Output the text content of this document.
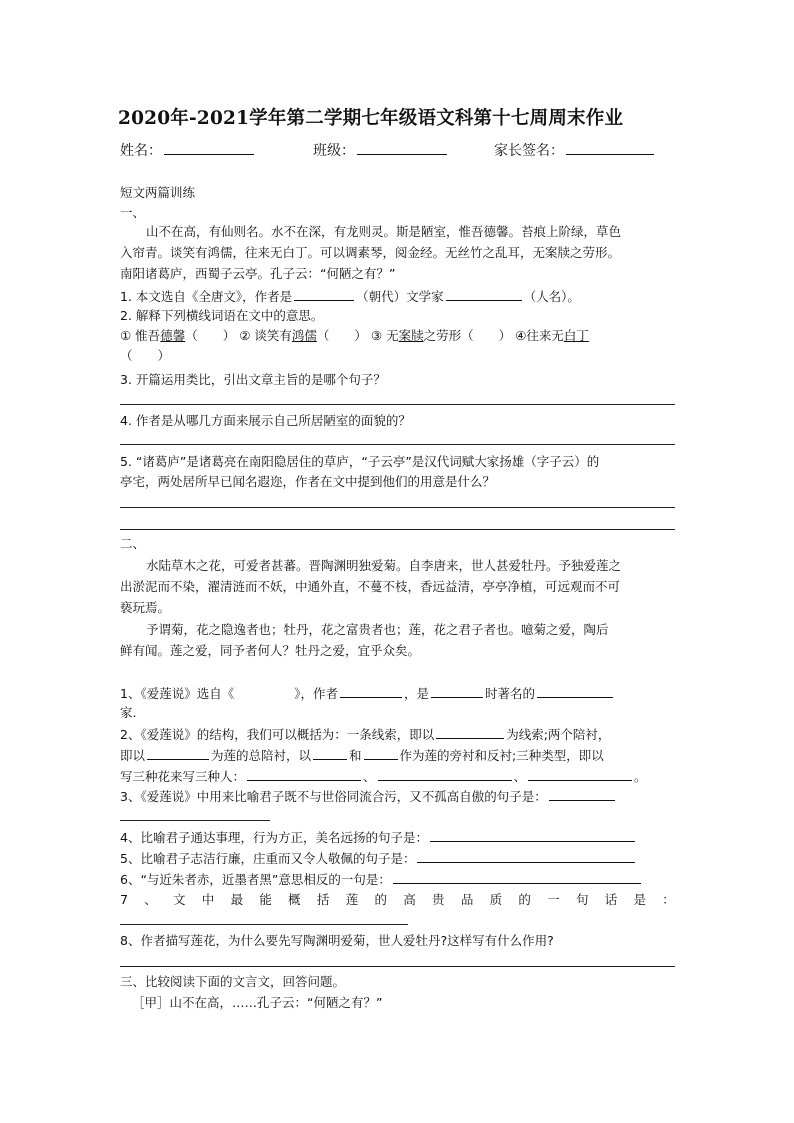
2020年-2021学年第二学期七年级语文科第十七周周末作业
姓名：	班级：	家长签名：
短文两篇训练
一、
山不在高，有仙则名。水不在深，有龙则灵。斯是陋室，惟吾德馨。苔痕上阶绿，草色
入帘青。谈笑有鸿儒，往来无白丁。可以调素琴，阅金经。无丝竹之乱耳，无案牍之劳形。
南阳诸葛庐，西蜀子云亭。孔子云：“何陋之有？”
1. 本文选自《全唐文》，作者是	（朝代）文学家	（人名）。
2. 解释下列横线词语在文中的意思。
① 惟吾德馨（　　） ② 谈笑有鸿儒（　　） ③ 无案牍之劳形（　　） ④往来无白丁
（　　）
3. 开篇运用类比，引出文章主旨的是哪个句子？
4. 作者是从哪几方面来展示自己所居陋室的面貌的？
5. “诸葛庐”是诸葛亮在南阳隐居住的草庐，“子云亭”是汉代词赋大家扬雄（字子云）的
亭宅，两处居所早已闻名遐迩，作者在文中提到他们的用意是什么？
二、
水陆草木之花，可爱者甚蕃。晋陶渊明独爱菊。自李唐来，世人甚爱牡丹。予独爱莲之
出淤泥而不染，濯清涟而不妖，中通外直，不蔓不枝，香远益清，亭亭净植，可远观而不可
亵玩焉。
予谓菊，花之隐逸者也；牡丹，花之富贵者也；莲，花之君子者也。噫菊之爱，陶后
鲜有闻。莲之爱，同予者何人？牡丹之爱，宜乎众矣。
1、《爱莲说》选自《	》，作者	，是	时著名的
家.
2、《爱莲说》的结构，我们可以概括为：一条线索，即以	为线索;两个陪衬，
即以	为莲的总陪衬，以	和	作为莲的旁衬和反衬;三种类型，即以
写三种花来写三种人：	、	、	。
3、《爱莲说》中用来比喻君子既不与世俗同流合污，又不孤高自傲的句子是：
4、比喻君子通达事理，行为方正，美名远扬的句子是：
5、比喻君子志洁行廉，庄重而又令人敬佩的句子是：
6、“与近朱者赤，近墨者黑”意思相反的一句是：
7 、 文 中 最 能 概 括 莲 的 高 贵 品 质 的 一 句 话 是 ：
8、作者描写莲花，为什么要先写陶渊明爱菊，世人爱牡丹?这样写有什么作用?
三、比较阅读下面的文言文，回答问题。
［甲］山不在高，……孔子云：“何陋之有？”
